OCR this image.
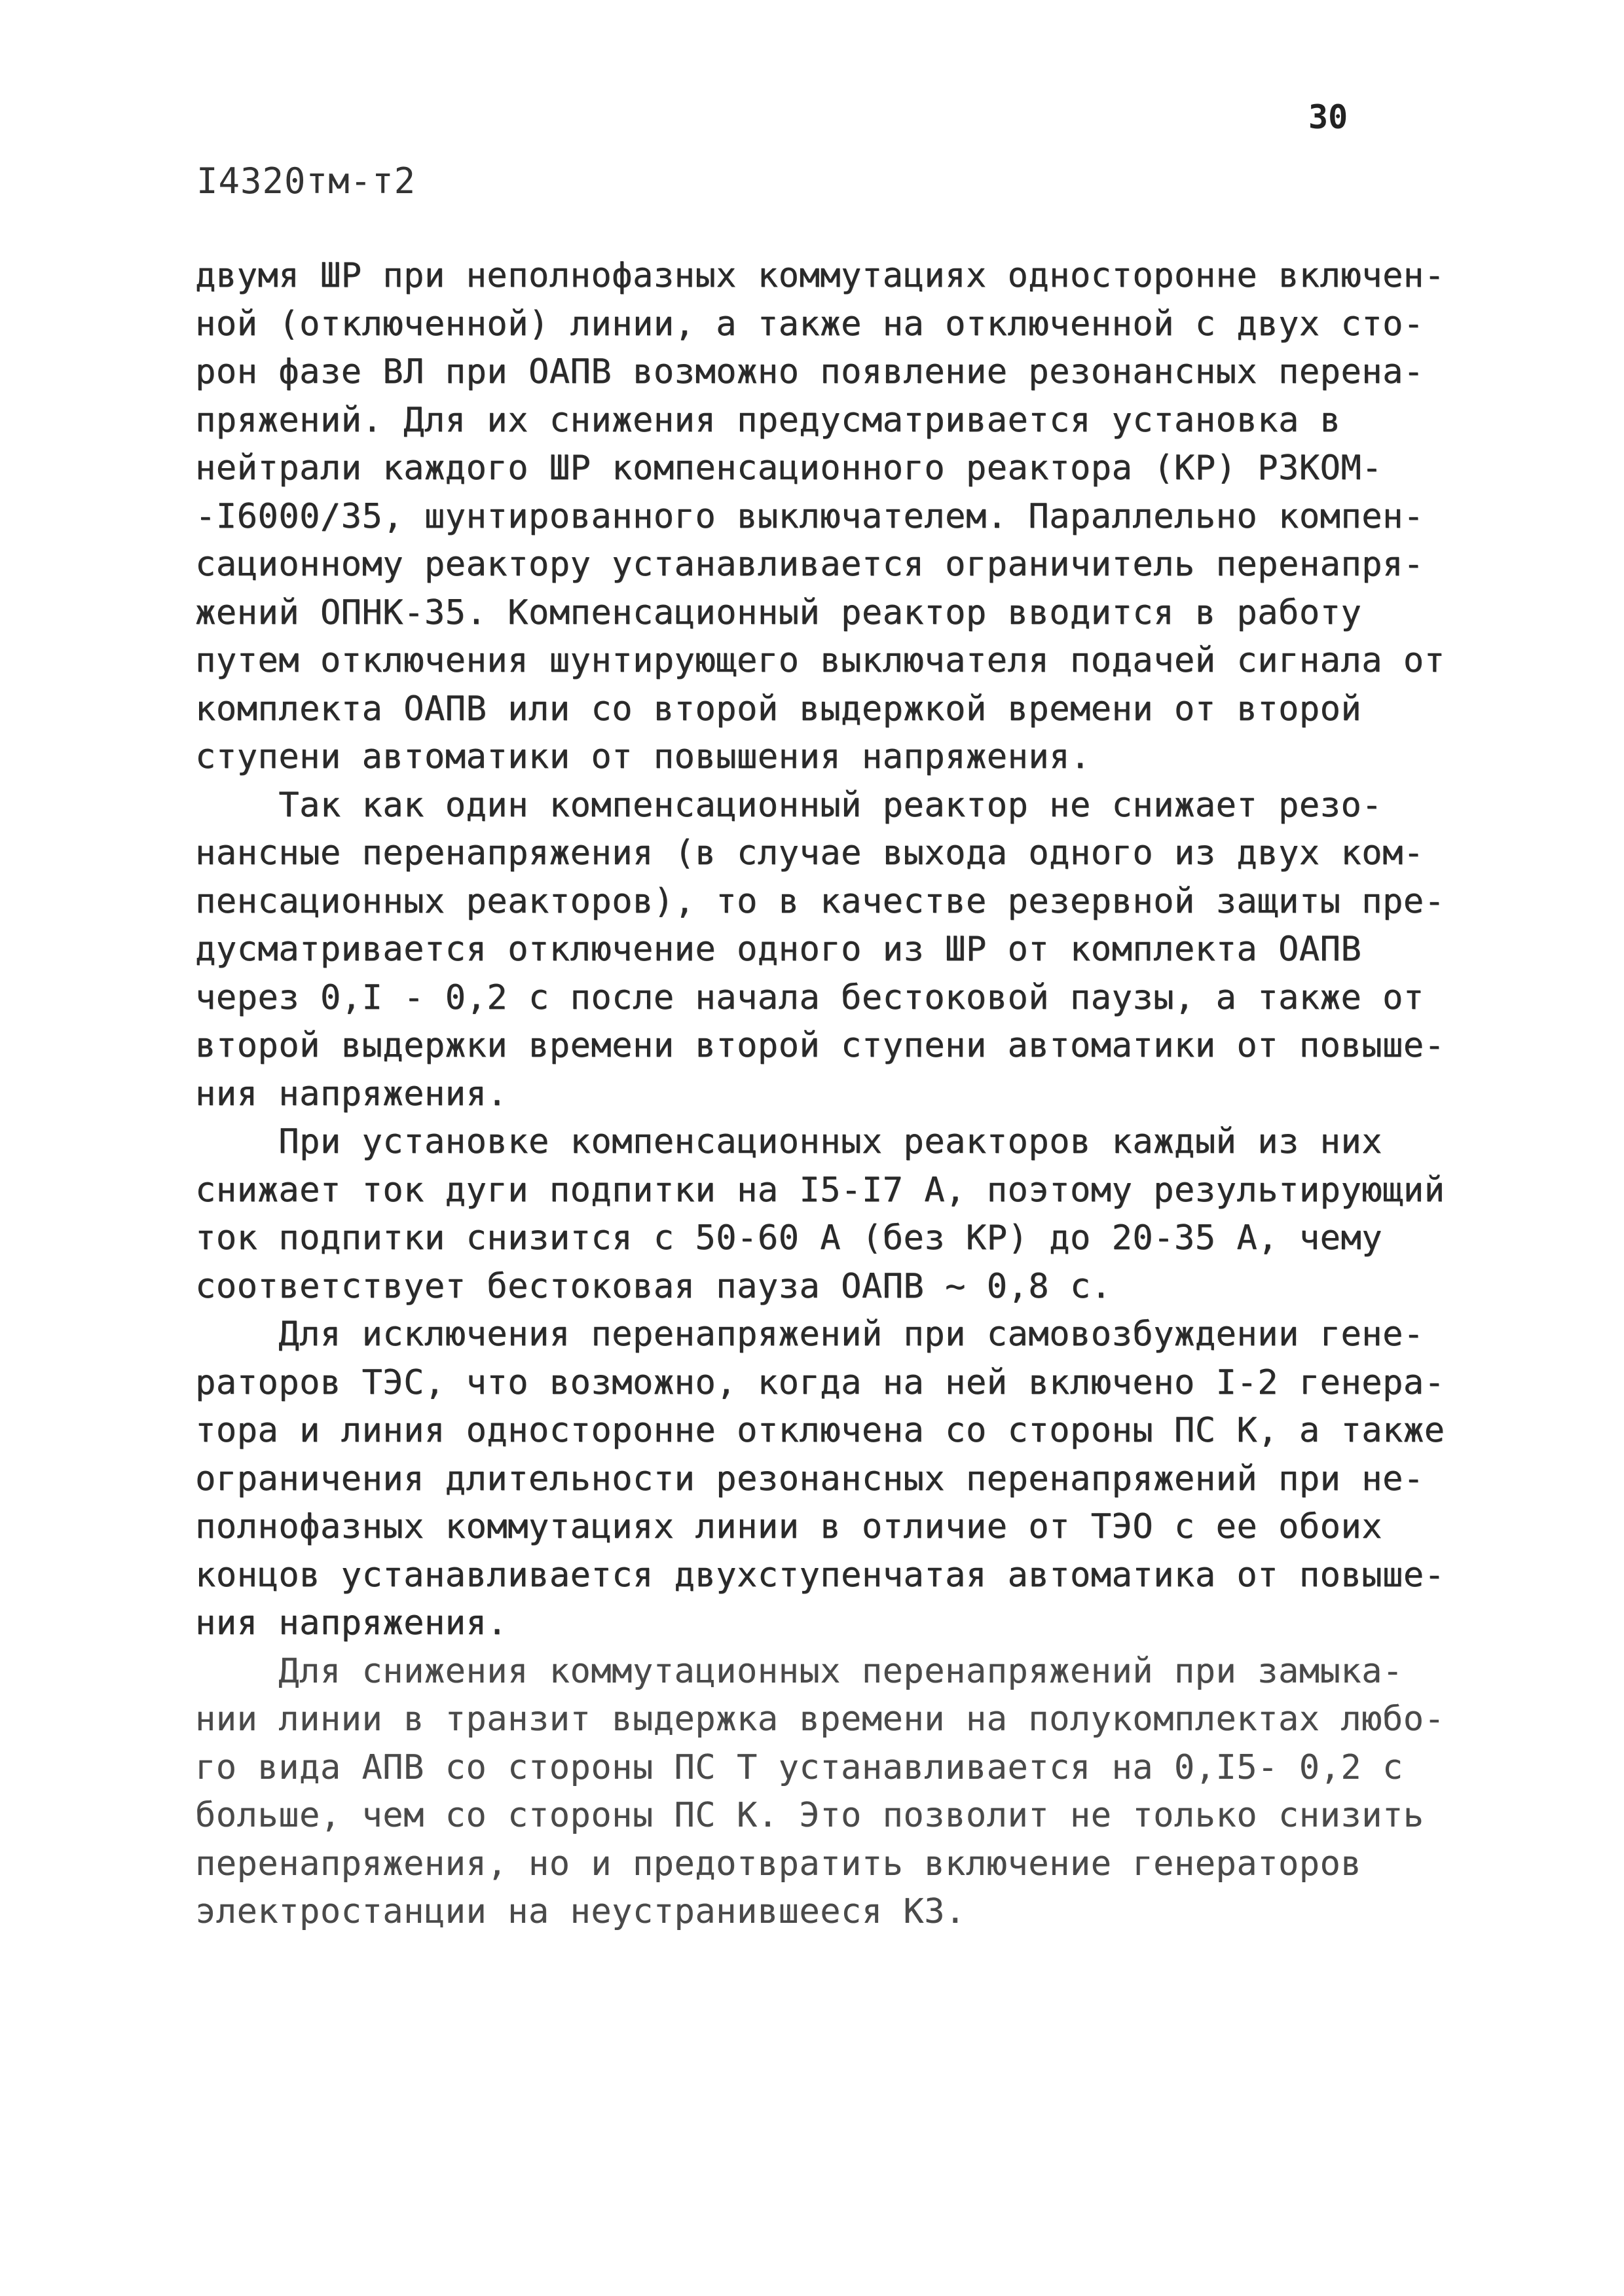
30
I4320тм-т2
двумя ШР при неполнофазных коммутациях односторонне включен-
ной (отключенной) линии, а также на отключенной с двух сто-
рон фазе ВЛ при ОАПВ возможно появление резонансных перена-
пряжений. Для их снижения предусматривается установка в
нейтрали каждого ШР компенсационного реактора (КР) РЗКОМ-
-I6000/35, шунтированного выключателем. Параллельно компен-
сационному реактору устанавливается ограничитель перенапря-
жений ОПНК-35. Компенсационный реактор вводится в работу
путем отключения шунтирующего выключателя подачей сигнала от
комплекта ОАПВ или со второй выдержкой времени от второй
ступени автоматики от повышения напряжения.
Так как один компенсационный реактор не снижает резо-
нансные перенапряжения (в случае выхода одного из двух ком-
пенсационных реакторов), то в качестве резервной защиты пре-
дусматривается отключение одного из ШР от комплекта ОАПВ
через 0,I - 0,2 с после начала бестоковой паузы, а также от
второй выдержки времени второй ступени автоматики от повыше-
ния напряжения.
При установке компенсационных реакторов каждый из них
снижает ток дуги подпитки на I5-I7 А, поэтому результирующий
ток подпитки снизится с 50-60 А (без КР) до 20-35 А, чему
соответствует бестоковая пауза ОАПВ ~ 0,8 с.
Для исключения перенапряжений при самовозбуждении гене-
раторов ТЭС, что возможно, когда на ней включено I-2 генера-
тора и линия односторонне отключена со стороны ПС К, а также
ограничения длительности резонансных перенапряжений при не-
полнофазных коммутациях линии в отличие от ТЭО с ее обоих
концов устанавливается двухступенчатая автоматика от повыше-
ния напряжения.
Для снижения коммутационных перенапряжений при замыка-
нии линии в транзит выдержка времени на полукомплектах любо-
го вида АПВ со стороны ПС Т устанавливается на 0,I5- 0,2 с
больше, чем со стороны ПС К. Это позволит не только снизить
перенапряжения, но и предотвратить включение генераторов
электростанции на неустранившееся КЗ.
